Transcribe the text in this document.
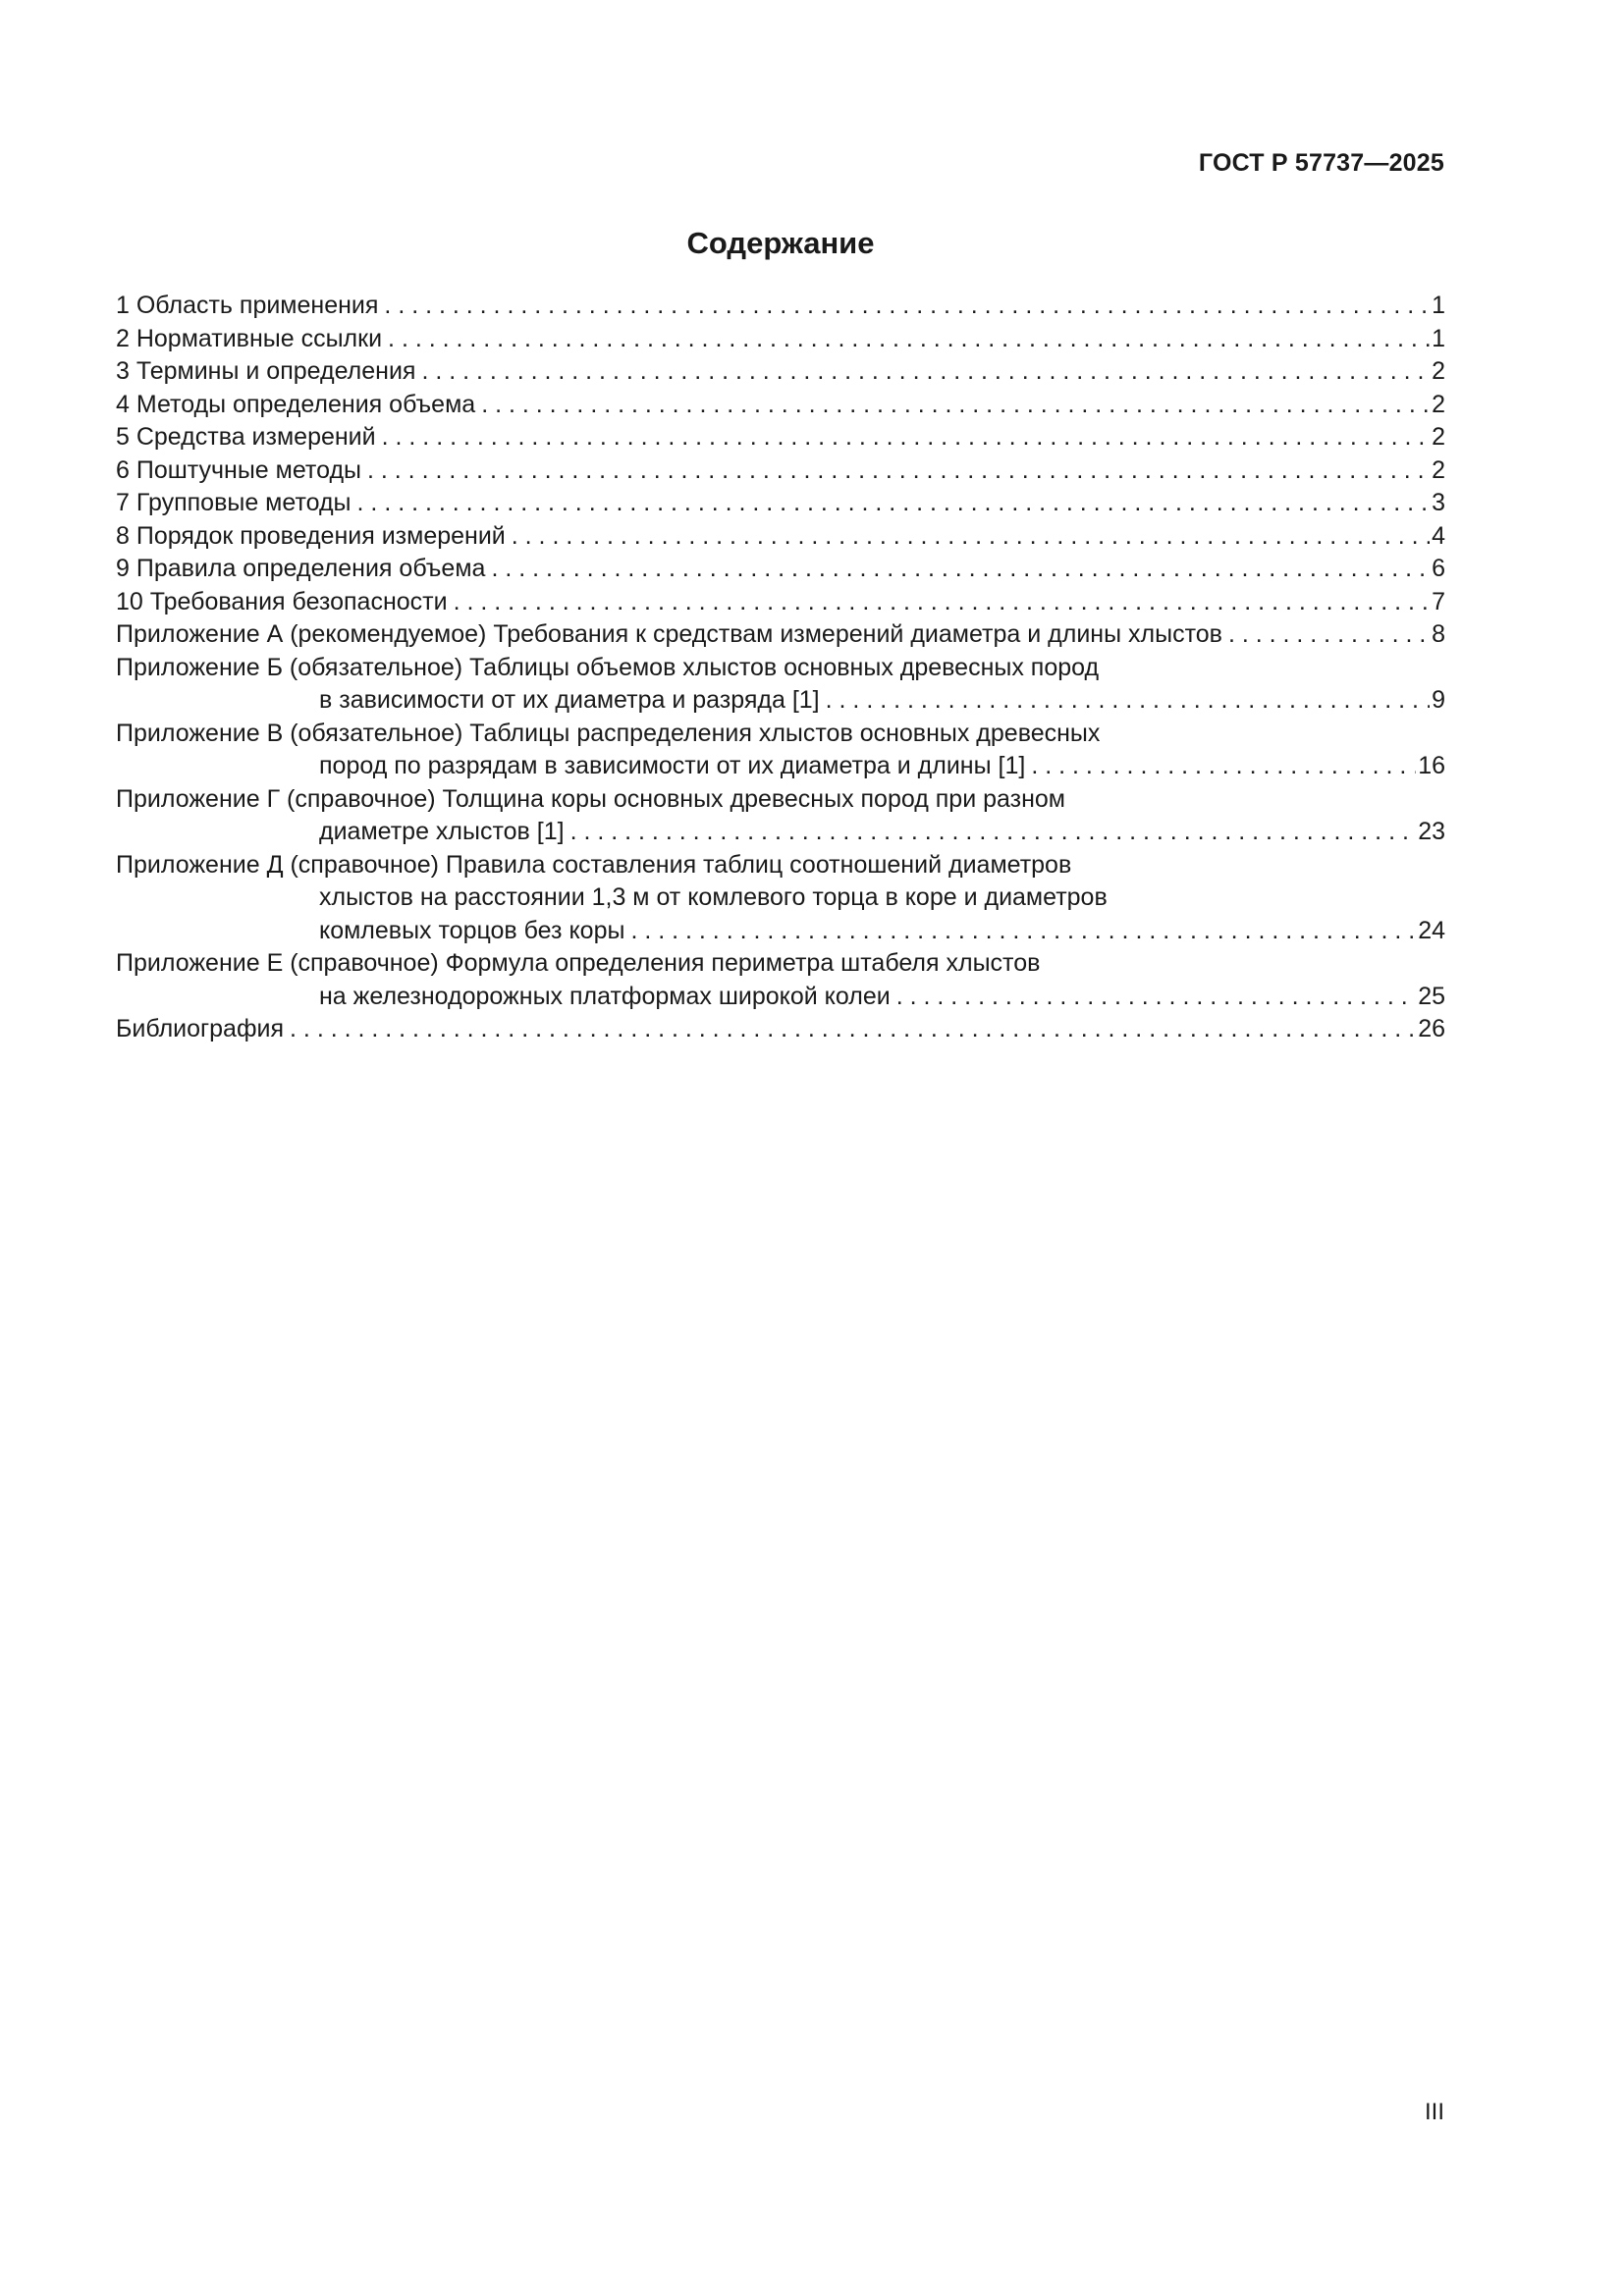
ГОСТ Р 57737—2025
Содержание
1 Область применения . . .	1
2 Нормативные ссылки . . .	1
3 Термины и определения . . .	2
4 Методы определения объема . . .	2
5 Средства измерений . . .	2
6 Поштучные методы . . .	2
7 Групповые методы . . .	3
8 Порядок проведения измерений . . .	4
9 Правила определения объема . . .	6
10 Требования безопасности . . .	7
Приложение А (рекомендуемое) Требования к средствам измерений диаметра и длины хлыстов . . .	8
Приложение Б (обязательное) Таблицы объемов хлыстов основных древесных пород
в зависимости от их диаметра и разряда [1] . . .	9
Приложение В (обязательное) Таблицы распределения хлыстов основных древесных
пород по разрядам в зависимости от их диаметра и длины [1] . . .	16
Приложение Г (справочное) Толщина коры основных древесных пород при разном
диаметре хлыстов [1] . . .	23
Приложение Д (справочное) Правила составления таблиц соотношений диаметров
хлыстов на расстоянии 1,3 м от комлевого торца в коре и диаметров
комлевых торцов без коры . . .	24
Приложение Е (справочное) Формула определения периметра штабеля хлыстов
на железнодорожных платформах широкой колеи . . .	25
Библиография . . .	26
III
